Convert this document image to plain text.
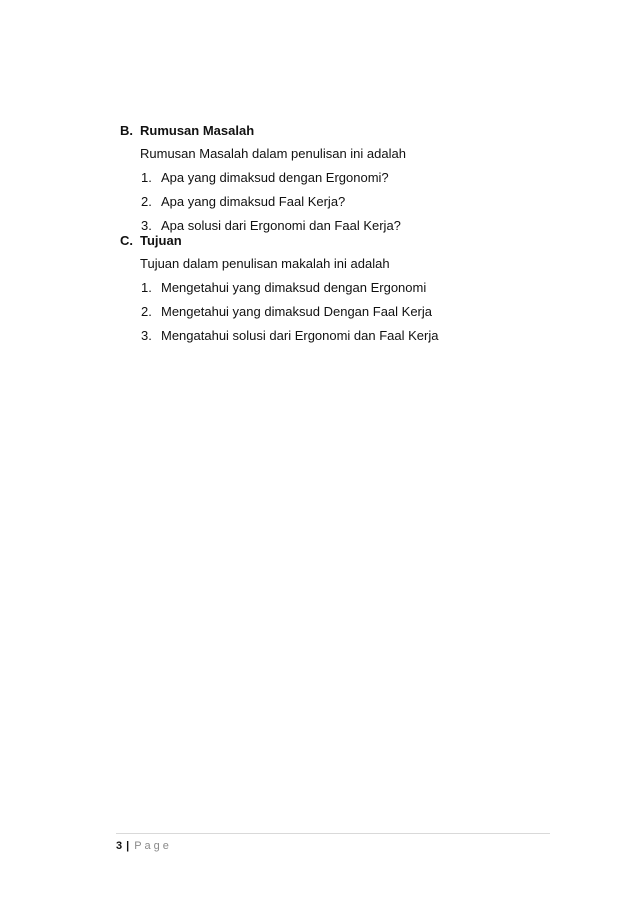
B. Rumusan Masalah
Rumusan Masalah dalam penulisan ini adalah
1. Apa yang dimaksud dengan Ergonomi?
2. Apa yang dimaksud Faal Kerja?
3. Apa solusi dari Ergonomi dan Faal Kerja?
C. Tujuan
Tujuan dalam penulisan makalah ini adalah
1. Mengetahui yang dimaksud dengan Ergonomi
2. Mengetahui yang dimaksud Dengan Faal Kerja
3. Mengatahui solusi dari Ergonomi dan Faal Kerja
3 | Page
